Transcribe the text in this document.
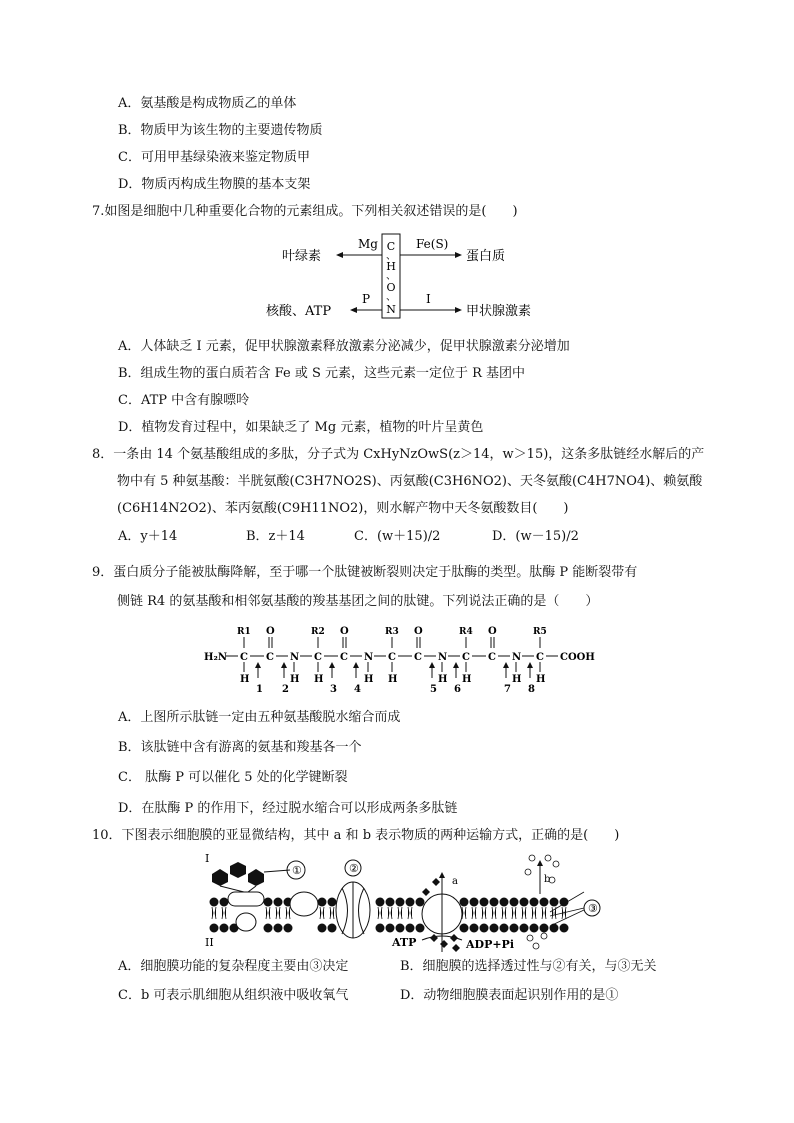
A．氨基酸是构成物质乙的单体
B．物质甲为该生物的主要遗传物质
C．可用甲基绿染液来鉴定物质甲
D．物质丙构成生物膜的基本支架
7.如图是细胞中几种重要化合物的元素组成。下列相关叙述错误的是(　　)
C
、
H
、
O
、
N
Mg	Fe(S)
P	I
叶绿素
核酸、ATP
蛋白质
甲状腺激素
A．人体缺乏 I 元素，促甲状腺激素释放激素分泌减少，促甲状腺激素分泌增加
B．组成生物的蛋白质若含 Fe 或 S 元素，这些元素一定位于 R 基团中
C．ATP 中含有腺嘌呤
D．植物发育过程中，如果缺乏了 Mg 元素，植物的叶片呈黄色
8．一条由 14 个氨基酸组成的多肽，分子式为 CxHyNzOwS(z＞14，w＞15)，这条多肽链经水解后的产
物中有 5 种氨基酸：半胱氨酸(C3H7NO2S)、丙氨酸(C3H6NO2)、天冬氨酸(C4H7NO4)、赖氨酸
(C6H14N2O2)、苯丙氨酸(C9H11NO2)，则水解产物中天冬氨酸数目(　　)
A．y＋14	B．z＋14	C．(w＋15)/2	D．(w－15)/2
9．蛋白质分子能被肽酶降解，至于哪一个肽键被断裂则决定于肽酶的类型。肽酶 P 能断裂带有
侧链 R4 的氨基酸和相邻氨基酸的羧基基团之间的肽键。下列说法正确的是（　　）
H₂N C
R1
H
C
O
N
H
C
R2
H
C
O
N
H
C
R3
H
C
O
N
H
C
R4
H
C
O
N
H
C
R5
H
COOH
1 2	3 4	5 6	7 8
A．上图所示肽链一定由五种氨基酸脱水缩合而成
B．该肽链中含有游离的氨基和羧基各一个
C． 肽酶 P 可以催化 5 处的化学键断裂
D．在肽酶 P 的作用下，经过脱水缩合可以形成两条多肽链
10．下图表示细胞膜的亚显微结构，其中 a 和 b 表示物质的两种运输方式，正确的是(　　)
①
I
II
②
a	b
③
ATP	ADP+Pi
A．细胞膜功能的复杂程度主要由③决定	B．细胞膜的选择透过性与②有关，与③无关
C．b 可表示肌细胞从组织液中吸收氧气	D．动物细胞膜表面起识别作用的是①
